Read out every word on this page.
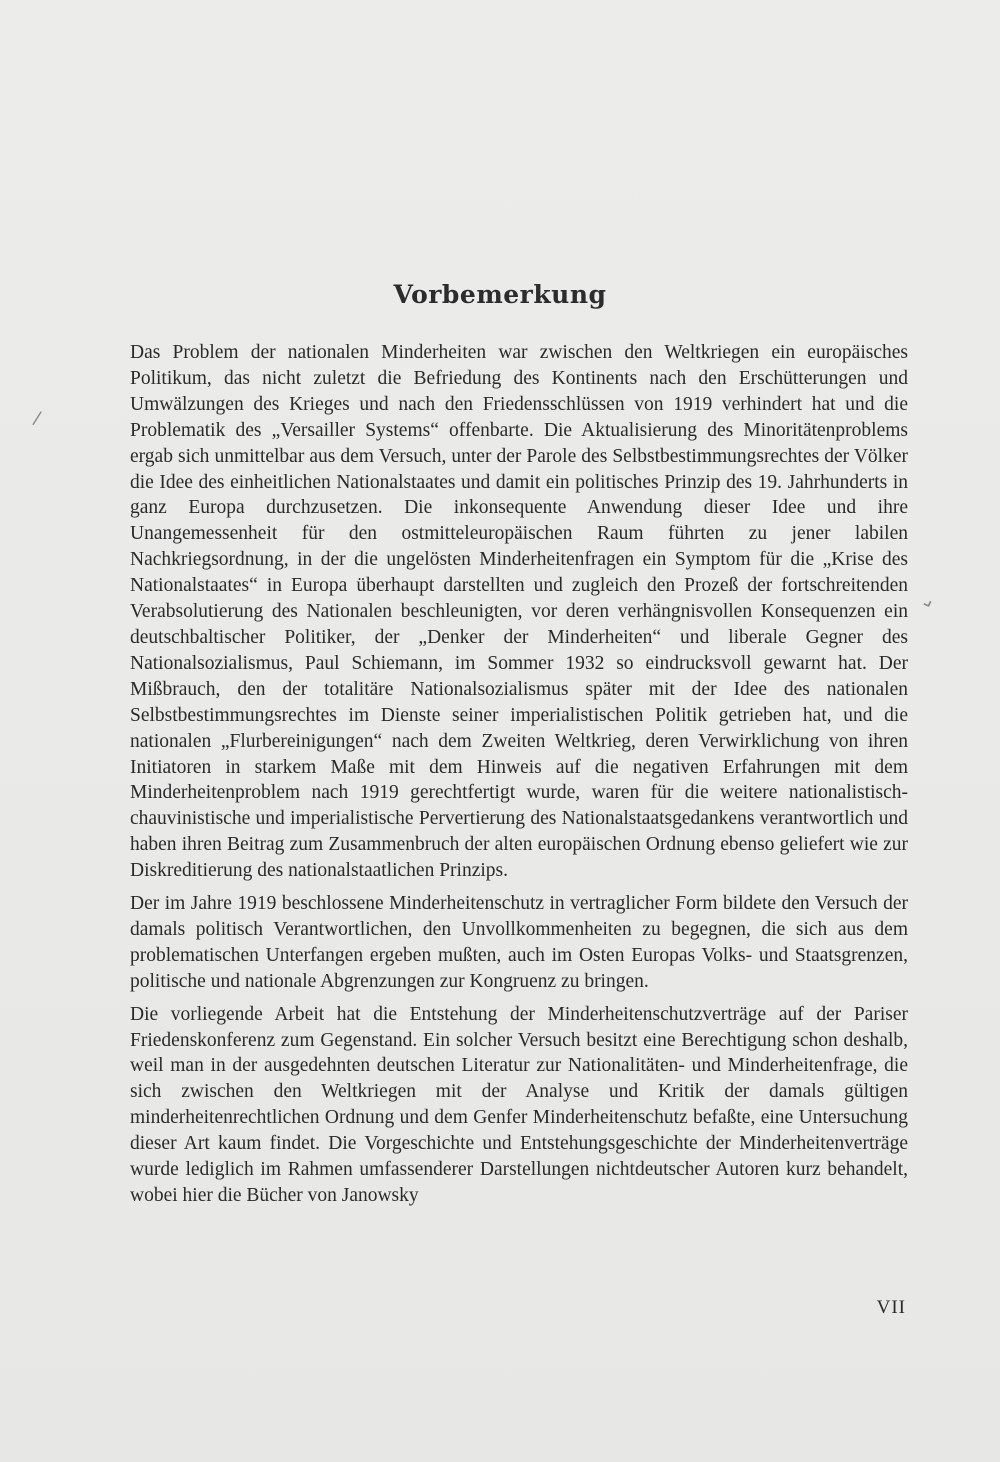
Vorbemerkung

Das Problem der nationalen Minderheiten war zwischen den Weltkriegen ein europäisches Politikum, das nicht zuletzt die Befriedung des Kontinents nach den Erschütterungen und Umwälzungen des Krieges und nach den Friedensschlüssen von 1919 verhindert hat und die Problematik des „Versailler Systems“ offenbarte. Die Aktualisierung des Minoritätenproblems ergab sich unmittelbar aus dem Versuch, unter der Parole des Selbstbestimmungsrechtes der Völker die Idee des einheitlichen Nationalstaates und damit ein politisches Prinzip des 19. Jahrhunderts in ganz Europa durchzusetzen. Die inkonsequente Anwendung dieser Idee und ihre Unangemessenheit für den ostmitteleuropäischen Raum führten zu jener labilen Nachkriegsordnung, in der die ungelösten Minderheitenfragen ein Symptom für die „Krise des Nationalstaates“ in Europa überhaupt darstellten und zugleich den Prozeß der fortschreitenden Verabsolutierung des Nationalen beschleunigten, vor deren verhängnisvollen Konsequenzen ein deutschbaltischer Politiker, der „Denker der Minderheiten“ und liberale Gegner des Nationalsozialismus, Paul Schiemann, im Sommer 1932 so eindrucksvoll gewarnt hat. Der Mißbrauch, den der totalitäre Nationalsozialismus später mit der Idee des nationalen Selbstbestimmungsrechtes im Dienste seiner imperialistischen Politik getrieben hat, und die nationalen „Flurbereinigungen“ nach dem Zweiten Weltkrieg, deren Verwirklichung von ihren Initiatoren in starkem Maße mit dem Hinweis auf die negativen Erfahrungen mit dem Minderheitenproblem nach 1919 gerechtfertigt wurde, waren für die weitere nationalistisch-chauvinistische und imperialistische Pervertierung des Nationalstaatsgedankens verantwortlich und haben ihren Beitrag zum Zusammenbruch der alten europäischen Ordnung ebenso geliefert wie zur Diskreditierung des nationalstaatlichen Prinzips.

Der im Jahre 1919 beschlossene Minderheitenschutz in vertraglicher Form bildete den Versuch der damals politisch Verantwortlichen, den Unvollkommenheiten zu begegnen, die sich aus dem problematischen Unterfangen ergeben mußten, auch im Osten Europas Volks- und Staatsgrenzen, politische und nationale Abgrenzungen zur Kongruenz zu bringen.

Die vorliegende Arbeit hat die Entstehung der Minderheitenschutzverträge auf der Pariser Friedenskonferenz zum Gegenstand. Ein solcher Versuch besitzt eine Berechtigung schon deshalb, weil man in der ausgedehnten deutschen Literatur zur Nationalitäten- und Minderheitenfrage, die sich zwischen den Weltkriegen mit der Analyse und Kritik der damals gültigen minderheitenrechtlichen Ordnung und dem Genfer Minderheitenschutz befaßte, eine Untersuchung dieser Art kaum findet. Die Vorgeschichte und Entstehungsgeschichte der Minderheitenverträge wurde lediglich im Rahmen umfassenderer Darstellungen nichtdeutscher Autoren kurz behandelt, wobei hier die Bücher von Janowsky

VII

/
⌄
